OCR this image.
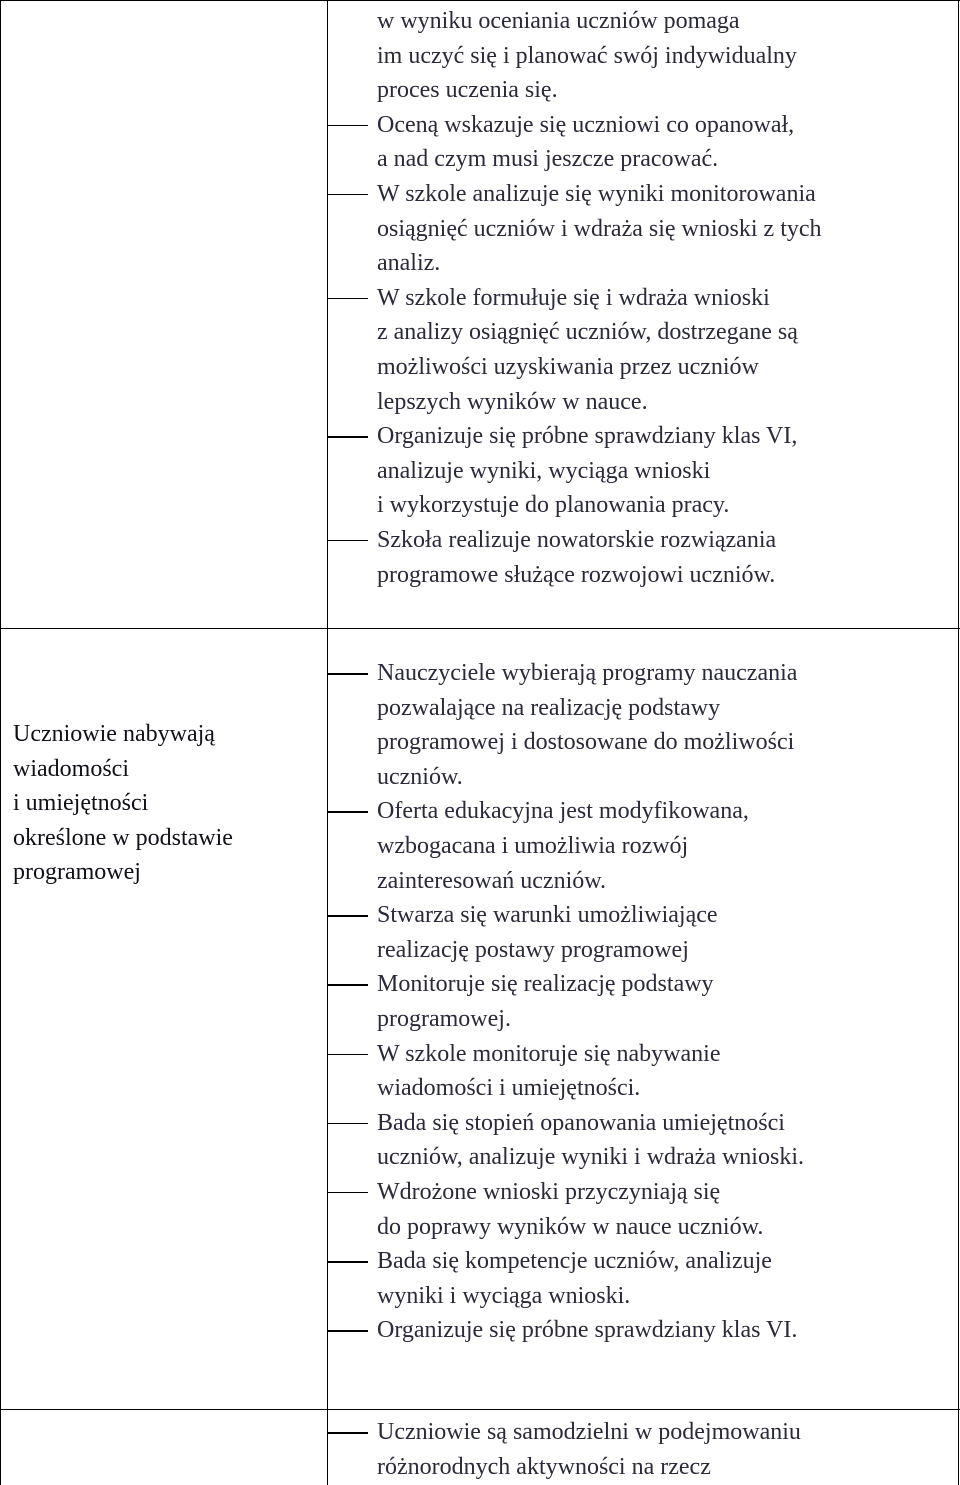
w wyniku oceniania uczniów pomaga
im uczyć się i planować swój indywidualny
proces uczenia się.
Oceną wskazuje się uczniowi co opanował,
a nad czym musi jeszcze pracować.
W szkole analizuje się wyniki monitorowania
osiągnięć uczniów i wdraża się wnioski z tych
analiz.
W szkole formułuje się i wdraża wnioski
z analizy osiągnięć uczniów, dostrzegane są
możliwości uzyskiwania przez uczniów
lepszych wyników w nauce.
Organizuje się próbne sprawdziany klas VI,
analizuje wyniki, wyciąga wnioski
i wykorzystuje do planowania pracy.
Szkoła realizuje nowatorskie rozwiązania
programowe służące rozwojowi uczniów.
Uczniowie nabywają
wiadomości
i umiejętności
określone w podstawie
programowej
Nauczyciele wybierają programy nauczania
pozwalające na realizację podstawy
programowej i dostosowane do możliwości
uczniów.
Oferta edukacyjna jest modyfikowana,
wzbogacana i umożliwia rozwój
zainteresowań uczniów.
Stwarza się warunki umożliwiające
realizację postawy programowej
Monitoruje się realizację podstawy
programowej.
W szkole monitoruje się nabywanie
wiadomości i umiejętności.
Bada się stopień opanowania umiejętności
uczniów, analizuje wyniki i wdraża wnioski.
Wdrożone wnioski przyczyniają się
do poprawy wyników w nauce uczniów.
Bada się kompetencje uczniów, analizuje
wyniki i wyciąga wnioski.
Organizuje się próbne sprawdziany klas VI.
Uczniowie są samodzielni w podejmowaniu
różnorodnych aktywności na rzecz
